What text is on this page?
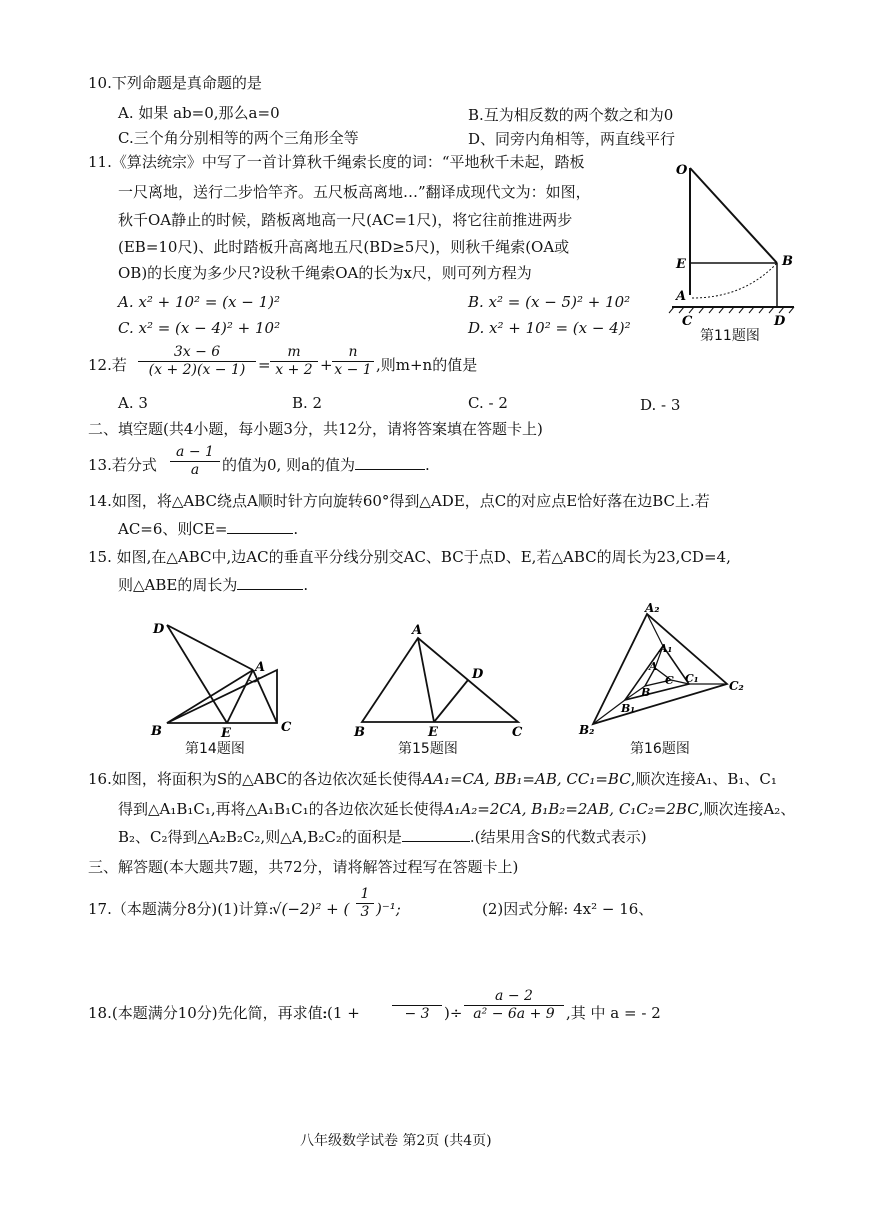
10.下列命题是真命题的是
A. 如果 ab=0,那么a=0	B.互为相反数的两个数之和为0
C.三个角分别相等的两个三角形全等	D、同旁内角相等，两直线平行
11.《算法统宗》中写了一首计算秋千绳索长度的词：“平地秋千未起，踏板
一尺离地，送行二步恰竿齐。五尺板高离地…”翻译成现代文为：如图，
秋千OA静止的时候，踏板离地高一尺(AC=1尺)，将它往前推进两步
(EB=10尺)、此时踏板升高离地五尺(BD≥5尺)，则秋千绳索(OA或
OB)的长度为多少尺?设秋千绳索OA的长为x尺，则可列方程为
A. x² + 10² = (x − 1)²	B. x² = (x − 5)² + 10²
C. x² = (x − 4)² + 10²	D. x² + 10² = (x − 4)²
O
E	B
A
C	D
第11题图
12.若 $\frac{3x - 6}{(x + 2)(x - 1)} = \frac{m}{x + 2} + \frac{n}{x - 1}$ ,则m+n的值是
A. 3	B. 2	C. - 2	D. - 3
二、填空题(共4小题，每小题3分，共12分，请将答案填在答题卡上)
13.若分式 $\frac{a - 1}{a}$ 的值为0, 则a的值为	.
14.如图，将△ABC绕点A顺时针方向旋转60°得到△ADE，点C的对应点E恰好落在边BC上.若
AC=6、则CE=	.
15. 如图,在△ABC中,边AC的垂直平分线分别交AC、BC于点D、E,若△ABC的周长为23,CD=4,
则△ABE的周长为	.
D
A
B	E	C
第14题图
A
D
B	E	C
第15题图
A₂
A₁
A
C C₁
C₂
B
B₁
B₂
第16题图
16.如图，将面积为S的△ABC的各边依次延长使得AA₁=CA, BB₁=AB, CC₁=BC,顺次连接A₁、B₁、C₁
得到△A₁B₁C₁,再将△A₁B₁C₁的各边依次延长使得A₁A₂=2CA, B₁B₂=2AB, C₁C₂=2BC,顺次连接A₂、
B₂、C₂得到△A₂B₂C₂,则△A,B₂C₂的面积是	.(结果用含S的代数式表示)
三、解答题(本大题共7题，共72分，请将解答过程写在答题卡上)
17.（本题满分8分)(1)计算:
√(−2)² + ( $\frac{1}{3} )^{-1}$;	(2)因式分解: 4x² − 16、
18.(本题满分10分)先化简，再求值:
:(1 +	− 3 )÷ $\frac{a - 2}{\text{a² − 6a + 9}}$ ,其 中 a = - 2
八年级数学试卷 第2页 (共4页)
